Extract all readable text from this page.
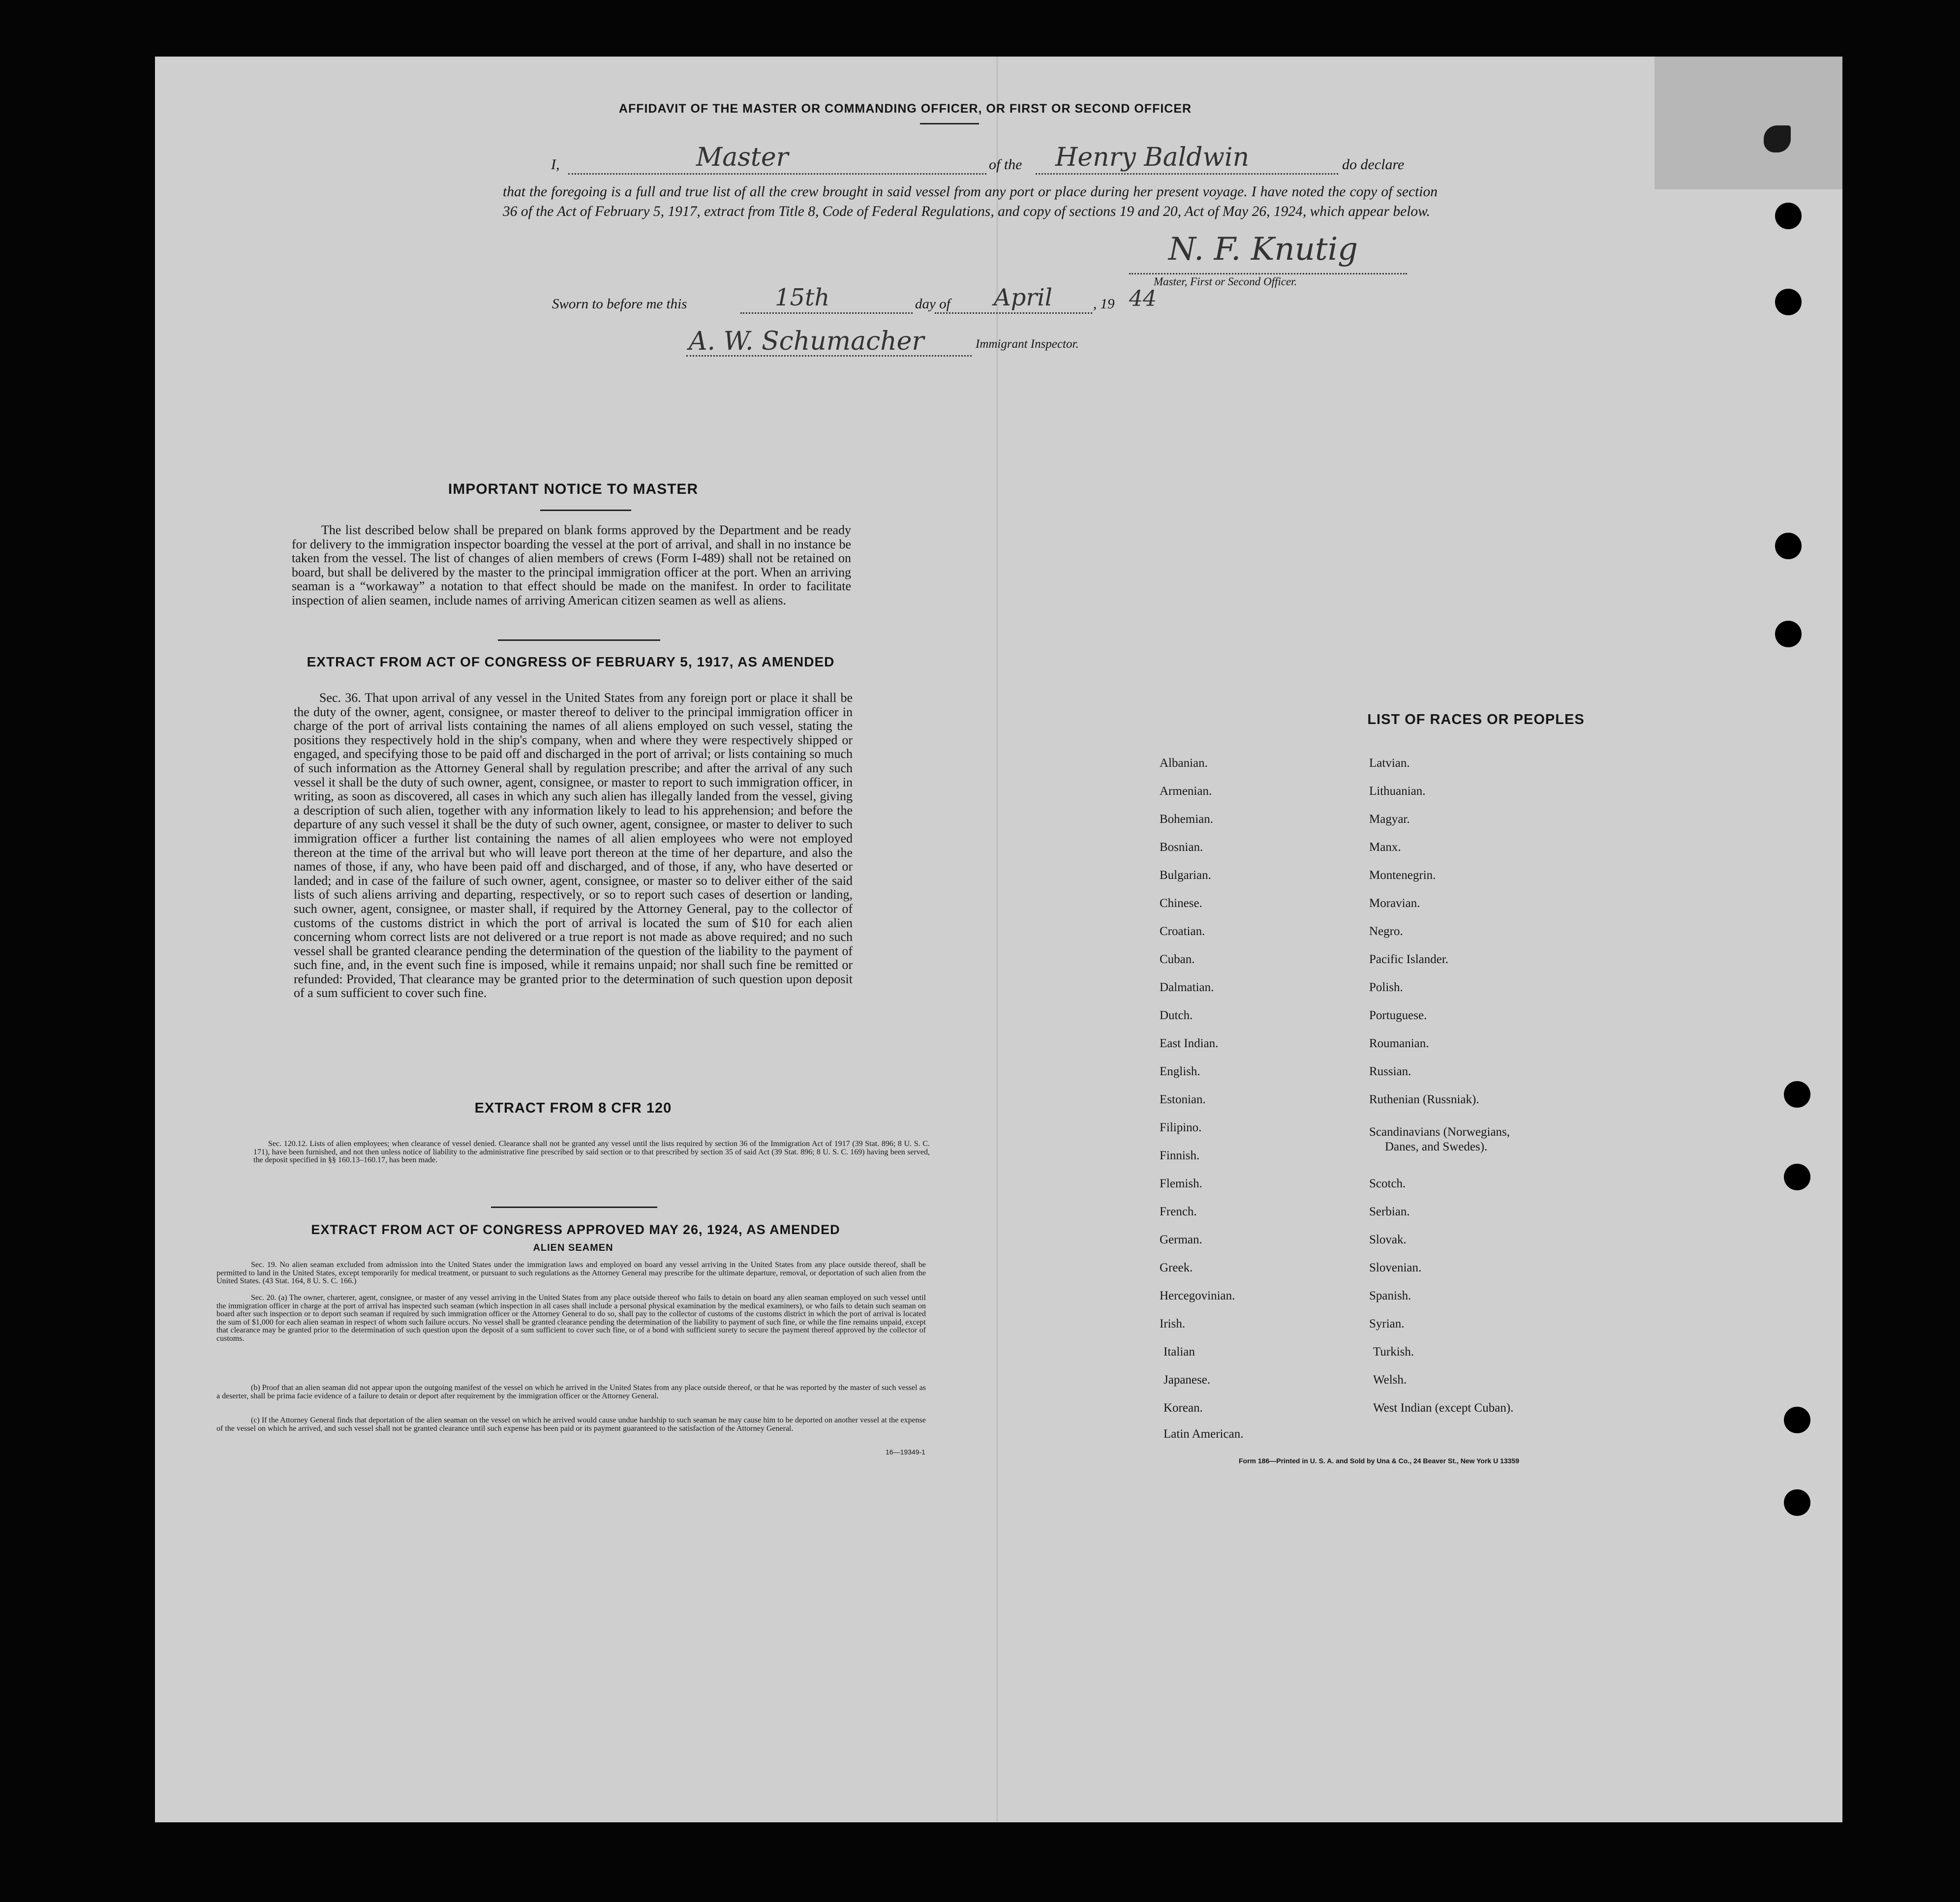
AFFIDAVIT OF THE MASTER OR COMMANDING OFFICER, OR FIRST OR SECOND OFFICER
I,	Master	of the Henry Baldwin	do declare
that the foregoing is a full and true list of all the crew brought in said vessel from any port or place during her present voyage. I have noted the copy of section 36 of the Act of February 5, 1917, extract from Title 8, Code of Federal Regulations, and copy of sections 19 and 20, Act of May 26, 1924, which appear below.
N. F. Knutig
Master, First or Second Officer.
Sworn to before me this	15th	day of April	, 19 44
A. W. Schumacher	Immigrant Inspector.
IMPORTANT NOTICE TO MASTER
The list described below shall be prepared on blank forms approved by the Department and be ready for delivery to the immigration inspector boarding the vessel at the port of arrival, and shall in no instance be taken from the vessel. The list of changes of alien members of crews (Form I-489) shall not be retained on board, but shall be delivered by the master to the principal immigration officer at the port. When an arriving seaman is a “workaway” a notation to that effect should be made on the manifest. In order to facilitate inspection of alien seamen, include names of arriving American citizen seamen as well as aliens.
EXTRACT FROM ACT OF CONGRESS OF FEBRUARY 5, 1917, AS AMENDED
Sec. 36. That upon arrival of any vessel in the United States from any foreign port or place it shall be the duty of the owner, agent, consignee, or master thereof to deliver to the principal immigration officer in charge of the port of arrival lists containing the names of all aliens employed on such vessel, stating the positions they respectively hold in the ship's company, when and where they were respectively shipped or engaged, and specifying those to be paid off and discharged in the port of arrival; or lists containing so much of such information as the Attorney General shall by regulation prescribe; and after the arrival of any such vessel it shall be the duty of such owner, agent, consignee, or master to report to such immigration officer, in writing, as soon as discovered, all cases in which any such alien has illegally landed from the vessel, giving a description of such alien, together with any information likely to lead to his apprehension; and before the departure of any such vessel it shall be the duty of such owner, agent, consignee, or master to deliver to such immigration officer a further list containing the names of all alien employees who were not employed thereon at the time of the arrival but who will leave port thereon at the time of her departure, and also the names of those, if any, who have been paid off and discharged, and of those, if any, who have deserted or landed; and in case of the failure of such owner, agent, consignee, or master so to deliver either of the said lists of such aliens arriving and departing, respectively, or so to report such cases of desertion or landing, such owner, agent, consignee, or master shall, if required by the Attorney General, pay to the collector of customs of the customs district in which the port of arrival is located the sum of $10 for each alien concerning whom correct lists are not delivered or a true report is not made as above required; and no such vessel shall be granted clearance pending the determination of the question of the liability to the payment of such fine, and, in the event such fine is imposed, while it remains unpaid; nor shall such fine be remitted or refunded: Provided, That clearance may be granted prior to the determination of such question upon deposit of a sum sufficient to cover such fine.
EXTRACT FROM 8 CFR 120
Sec. 120.12. Lists of alien employees; when clearance of vessel denied. Clearance shall not be granted any vessel until the lists required by section 36 of the Immigration Act of 1917 (39 Stat. 896; 8 U. S. C. 171), have been furnished, and not then unless notice of liability to the administrative fine prescribed by said section or to that prescribed by section 35 of said Act (39 Stat. 896; 8 U. S. C. 169) having been served, the deposit specified in §§ 160.13–160.17, has been made.
EXTRACT FROM ACT OF CONGRESS APPROVED MAY 26, 1924, AS AMENDED
ALIEN SEAMEN
Sec. 19. No alien seaman excluded from admission into the United States under the immigration laws and employed on board any vessel arriving in the United States from any place outside thereof, shall be permitted to land in the United States, except temporarily for medical treatment, or pursuant to such regulations as the Attorney General may prescribe for the ultimate departure, removal, or deportation of such alien from the United States. (43 Stat. 164, 8 U. S. C. 166.)
Sec. 20. (a) The owner, charterer, agent, consignee, or master of any vessel arriving in the United States from any place outside thereof who fails to detain on board any alien seaman employed on such vessel until the immigration officer in charge at the port of arrival has inspected such seaman (which inspection in all cases shall include a personal physical examination by the medical examiners), or who fails to detain such seaman on board after such inspection or to deport such seaman if required by such immigration officer or the Attorney General to do so, shall pay to the collector of customs of the customs district in which the port of arrival is located the sum of $1,000 for each alien seaman in respect of whom such failure occurs. No vessel shall be granted clearance pending the determination of the liability to payment of such fine, or while the fine remains unpaid, except that clearance may be granted prior to the determination of such question upon the deposit of a sum sufficient to cover such fine, or of a bond with sufficient surety to secure the payment thereof approved by the collector of customs.
(b) Proof that an alien seaman did not appear upon the outgoing manifest of the vessel on which he arrived in the United States from any place outside thereof, or that he was reported by the master of such vessel as a deserter, shall be prima facie evidence of a failure to detain or deport after requirement by the immigration officer or the Attorney General.
(c) If the Attorney General finds that deportation of the alien seaman on the vessel on which he arrived would cause undue hardship to such seaman he may cause him to be deported on another vessel at the expense of the vessel on which he arrived, and such vessel shall not be granted clearance until such expense has been paid or its payment guaranteed to the satisfaction of the Attorney General.
16—19349-1
LIST OF RACES OR PEOPLES
Albanian.
Armenian.
Bohemian.
Bosnian.
Bulgarian.
Chinese.
Croatian.
Cuban.
Dalmatian.
Dutch.
East Indian.
English.
Estonian.
Filipino.
Finnish.
Flemish.
French.
German.
Greek.
Hercegovinian.
Irish.
Italian
Japanese.
Korean.
Latin American.
Latvian.
Lithuanian.
Magyar.
Manx.
Montenegrin.
Moravian.
Negro.
Pacific Islander.
Polish.
Portuguese.
Roumanian.
Russian.
Ruthenian (Russniak).
Scandinavians (Norwegians,
Danes, and Swedes).
Scotch.
Serbian.
Slovak.
Slovenian.
Spanish.
Syrian.
Turkish.
Welsh.
West Indian (except Cuban).
Form 186—Printed in U. S. A. and Sold by Una & Co., 24 Beaver St., New York U 13359
